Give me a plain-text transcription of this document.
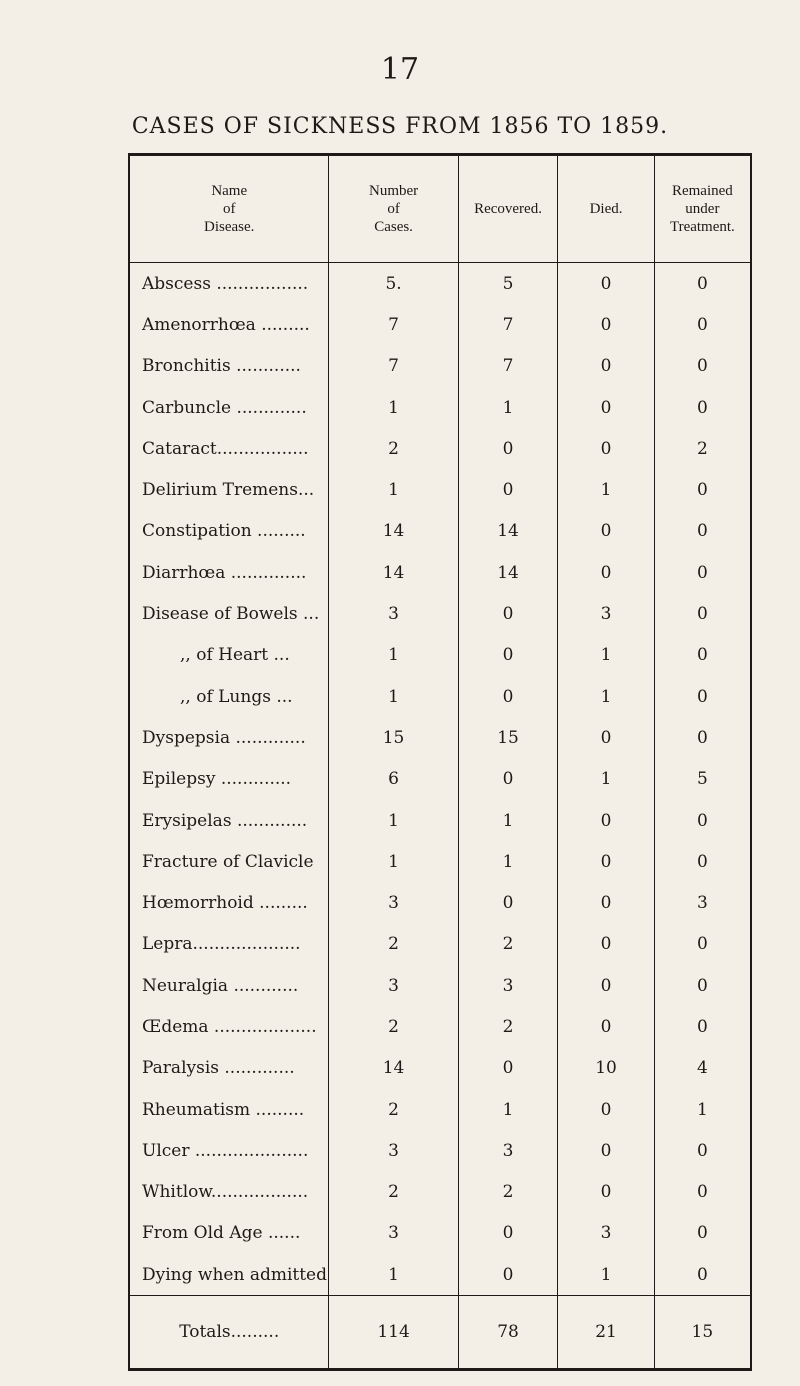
17
CASES OF SICKNESS FROM 1856 TO 1859.
Name
of
Disease.	Number
of
Cases.	Recovered.	Died.	Remained
under
Treatment.
Abscess .................	5.	5	0	0
Amenorrhœa .........	7	7	0	0
Bronchitis ............	7	7	0	0
Carbuncle .............	1	1	0	0
Cataract.................	2	0	0	2
Delirium Tremens...	1	0	1	0
Constipation .........	14	14	0	0
Diarrhœa ..............	14	14	0	0
Disease of Bowels ...	3	0	3	0
,, of Heart ...	1	0	1	0
,, of Lungs ...	1	0	1	0
Dyspepsia .............	15	15	0	0
Epilepsy .............	6	0	1	5
Erysipelas .............	1	1	0	0
Fracture of Clavicle	1	1	0	0
Hœmorrhoid .........	3	0	0	3
Lepra....................	2	2	0	0
Neuralgia ............	3	3	0	0
Œdema ...................	2	2	0	0
Paralysis .............	14	0	10	4
Rheumatism .........	2	1	0	1
Ulcer .....................	3	3	0	0
Whitlow..................	2	2	0	0
From Old Age ......	3	0	3	0
Dying when admitted	1	0	1	0
Totals.........	114	78	21	15
